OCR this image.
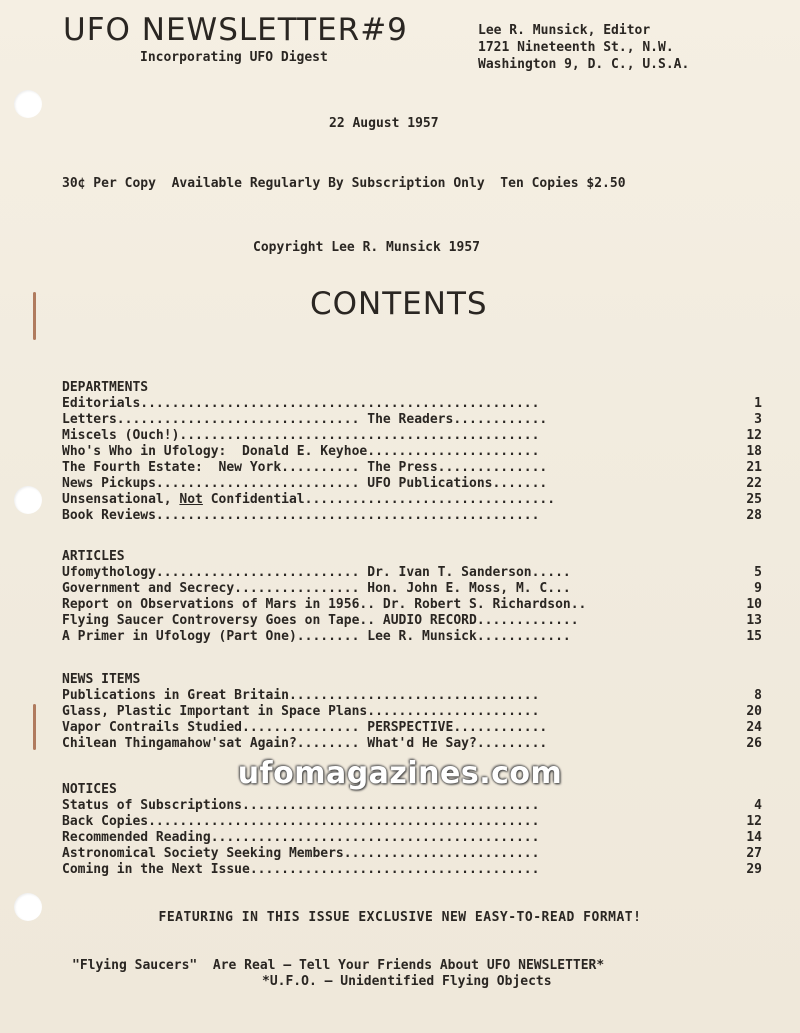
UFO NEWSLETTER#9
Incorporating UFO Digest
Lee R. Munsick, Editor
1721 Nineteenth St., N.W.
Washington 9, D. C., U.S.A.
22 August 1957
30¢ Per Copy  Available Regularly By Subscription Only  Ten Copies $2.50
Copyright Lee R. Munsick 1957
CONTENTS
DEPARTMENTS
Editorials...................................................	1
Letters............................... The Readers............	3
Miscels (Ouch!)..............................................	12
Who's Who in Ufology:  Donald E. Keyhoe......................	18
The Fourth Estate:  New York.......... The Press..............	21
News Pickups.......................... UFO Publications.......	22
Unsensational, Not Confidential................................	25
Book Reviews.................................................	28
ARTICLES
Ufomythology.......................... Dr. Ivan T. Sanderson.....	5
Government and Secrecy................ Hon. John E. Moss, M. C...	9
Report on Observations of Mars in 1956.. Dr. Robert S. Richardson..	10
Flying Saucer Controversy Goes on Tape.. AUDIO RECORD.............	13
A Primer in Ufology (Part One)........ Lee R. Munsick............	15
NEWS ITEMS
Publications in Great Britain................................	8
Glass, Plastic Important in Space Plans......................	20
Vapor Contrails Studied............... PERSPECTIVE............	24
Chilean Thingamahow'sat Again?........ What'd He Say?.........	26
NOTICES
Status of Subscriptions......................................	4
Back Copies..................................................	12
Recommended Reading..........................................	14
Astronomical Society Seeking Members.........................	27
Coming in the Next Issue.....................................	29
ufomagazines.com
FEATURING IN THIS ISSUE EXCLUSIVE NEW EASY-TO-READ FORMAT!
"Flying Saucers"  Are Real — Tell Your Friends About UFO NEWSLETTER*
*U.F.O. — Unidentified Flying Objects
